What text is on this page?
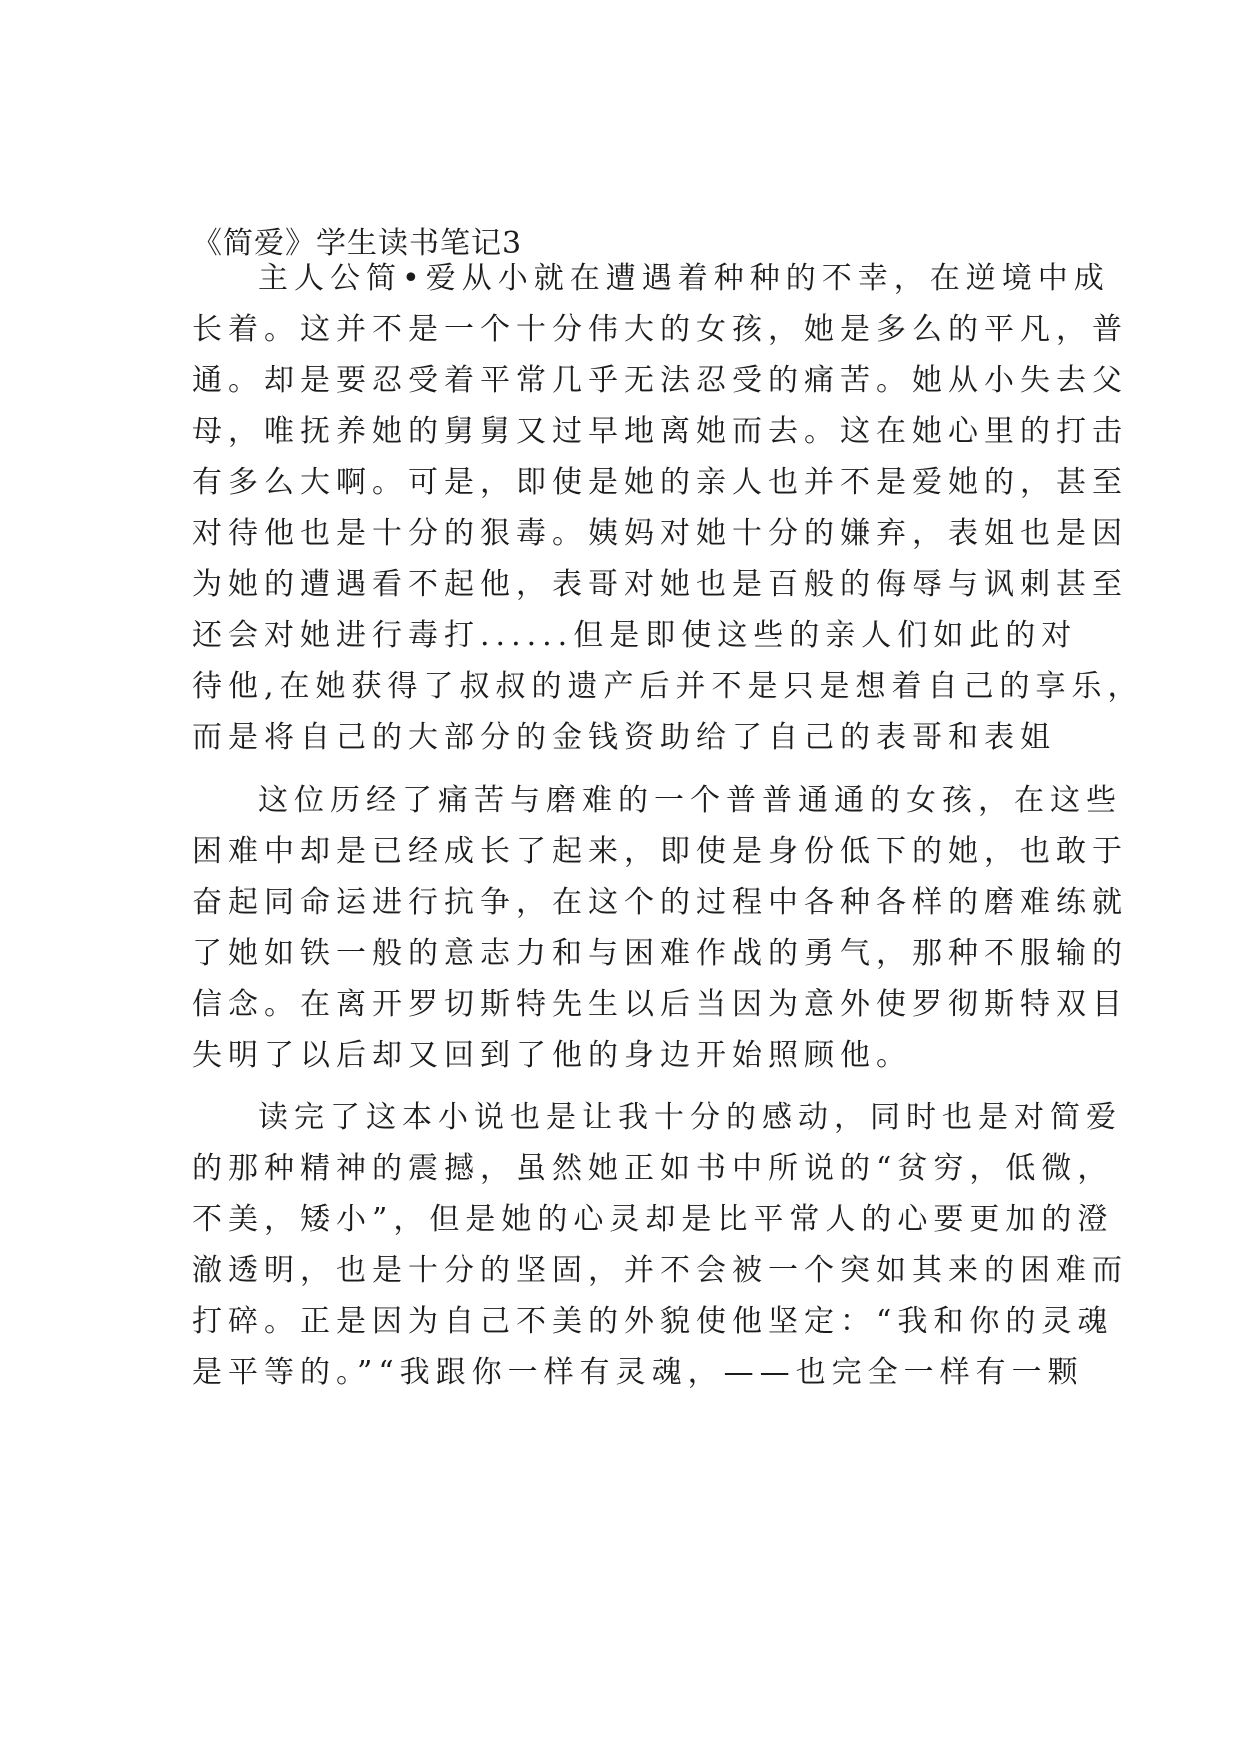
《简爱》学生读书笔记3
主人公简•爱从小就在遭遇着种种的不幸，在逆境中成
长着。这并不是一个十分伟大的女孩，她是多么的平凡，普
通。却是要忍受着平常几乎无法忍受的痛苦。她从小失去父
母，唯抚养她的舅舅又过早地离她而去。这在她心里的打击
有多么大啊。可是，即使是她的亲人也并不是爱她的，甚至
对待他也是十分的狠毒。姨妈对她十分的嫌弃，表姐也是因
为她的遭遇看不起他，表哥对她也是百般的侮辱与讽刺甚至
还会对她进行毒打......但是即使这些的亲人们如此的对
待他,在她获得了叔叔的遗产后并不是只是想着自己的享乐，
而是将自己的大部分的金钱资助给了自己的表哥和表姐
这位历经了痛苦与磨难的一个普普通通的女孩，在这些
困难中却是已经成长了起来，即使是身份低下的她，也敢于
奋起同命运进行抗争，在这个的过程中各种各样的磨难练就
了她如铁一般的意志力和与困难作战的勇气，那种不服输的
信念。在离开罗切斯特先生以后当因为意外使罗彻斯特双目
失明了以后却又回到了他的身边开始照顾他。
读完了这本小说也是让我十分的感动，同时也是对简爱
的那种精神的震撼，虽然她正如书中所说的“贫穷，低微，
不美，矮小”，但是她的心灵却是比平常人的心要更加的澄
澈透明，也是十分的坚固，并不会被一个突如其来的困难而
打碎。正是因为自己不美的外貌使他坚定：“我和你的灵魂
是平等的。”“我跟你一样有灵魂，——也完全一样有一颗
